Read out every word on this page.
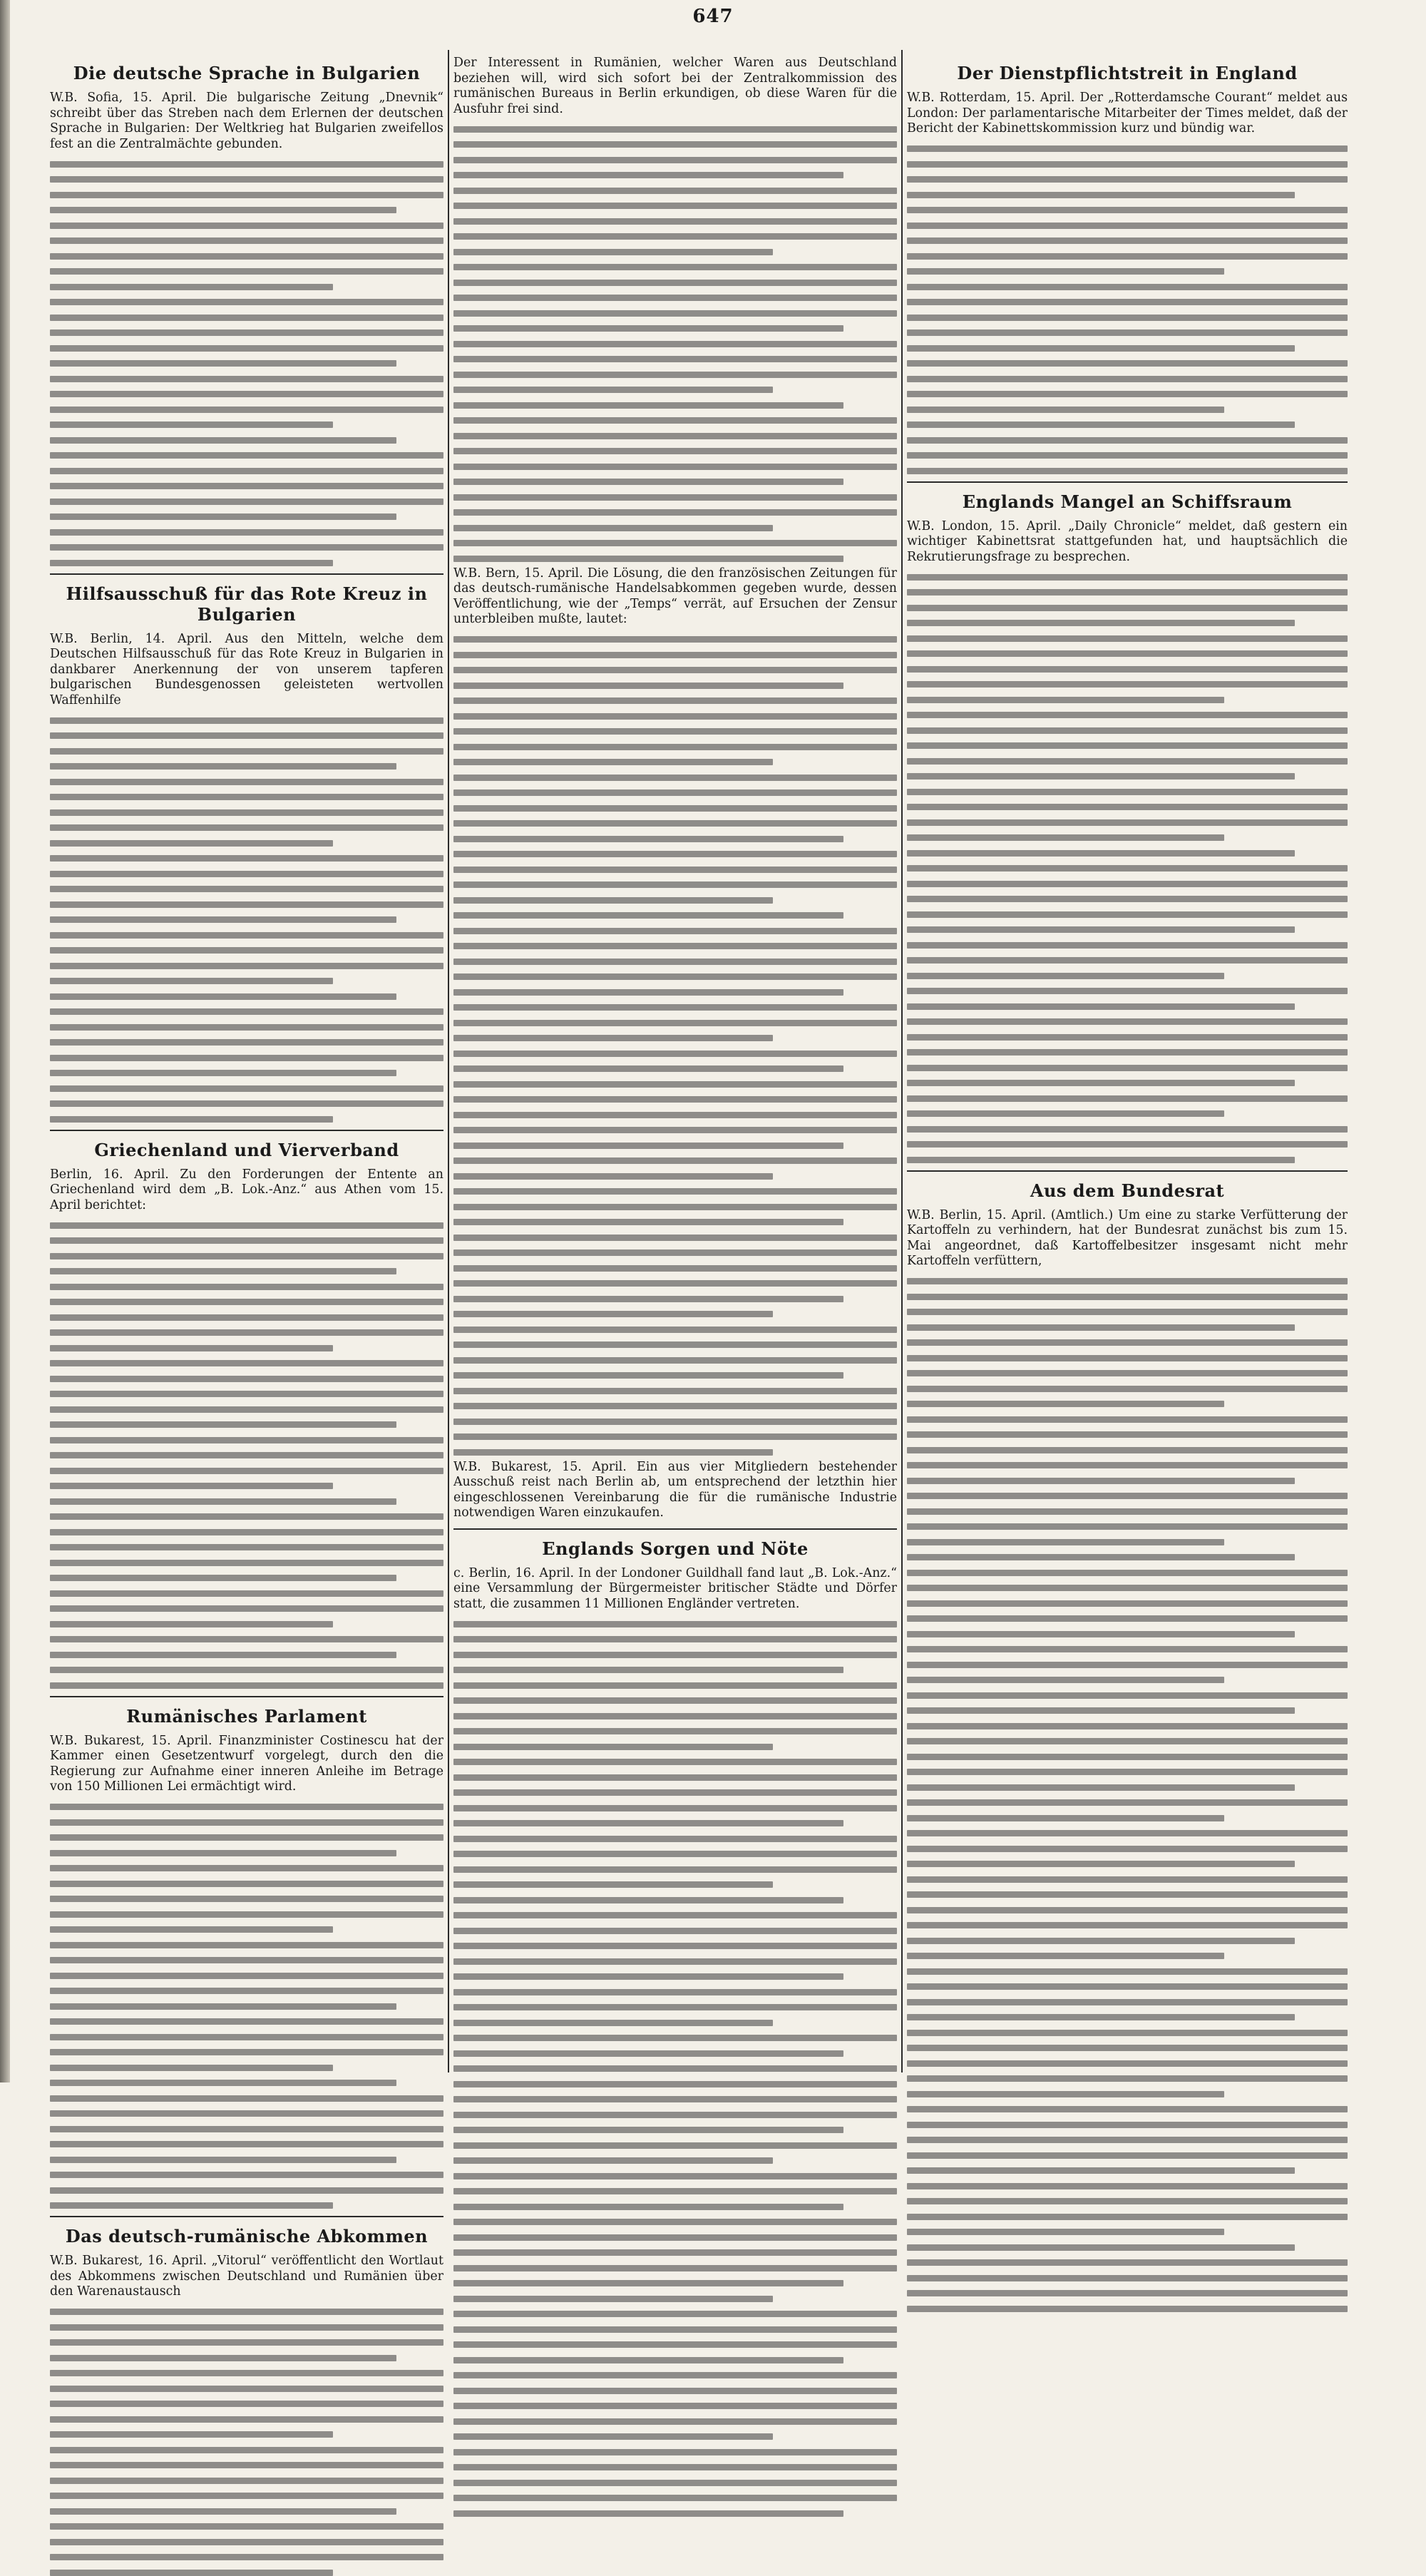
647
Die deutsche Sprache in Bulgarien

W.B. Sofia, 15. April. Die bulgarische Zeitung „Dnevnik“ schreibt über das Streben nach dem Erlernen der deutschen Sprache in Bulgarien: Der Weltkrieg hat Bulgarien zweifellos fest an die Zentralmächte gebunden.

Hilfsausschuß für das Rote Kreuz in Bulgarien

W.B. Berlin, 14. April. Aus den Mitteln, welche dem Deutschen Hilfsausschuß für das Rote Kreuz in Bulgarien in dankbarer Anerkennung der von unserem tapferen bulgarischen Bundesgenossen geleisteten wertvollen Waffenhilfe

Griechenland und Vierverband

Berlin, 16. April. Zu den Forderungen der Entente an Griechenland wird dem „B. Lok.-Anz.“ aus Athen vom 15. April berichtet:

Rumänisches Parlament

W.B. Bukarest, 15. April. Finanzminister Costinescu hat der Kammer einen Gesetzentwurf vorgelegt, durch den die Regierung zur Aufnahme einer inneren Anleihe im Betrage von 150 Millionen Lei ermächtigt wird.

Das deutsch-rumänische Abkommen

W.B. Bukarest, 16. April. „Vitorul“ veröffentlicht den Wortlaut des Abkommens zwischen Deutschland und Rumänien über den Warenaustausch

Der Interessent in Rumänien, welcher Waren aus Deutschland beziehen will, wird sich sofort bei der Zentralkommission des rumänischen Bureaus in Berlin erkundigen, ob diese Waren für die Ausfuhr frei sind.

W.B. Bern, 15. April. Die Lösung, die den französischen Zeitungen für das deutsch-rumänische Handelsabkommen gegeben wurde, dessen Veröffentlichung, wie der „Temps“ verrät, auf Ersuchen der Zensur unterbleiben mußte, lautet:

W.B. Bukarest, 15. April. Ein aus vier Mitgliedern bestehender Ausschuß reist nach Berlin ab, um entsprechend der letzthin hier eingeschlossenen Vereinbarung die für die rumänische Industrie notwendigen Waren einzukaufen.

Englands Sorgen und Nöte

c. Berlin, 16. April. In der Londoner Guildhall fand laut „B. Lok.-Anz.“ eine Versammlung der Bürgermeister britischer Städte und Dörfer statt, die zusammen 11 Millionen Engländer vertreten.

Der Dienstpflichtstreit in England

W.B. Rotterdam, 15. April. Der „Rotterdamsche Courant“ meldet aus London: Der parlamentarische Mitarbeiter der Times meldet, daß der Bericht der Kabinettskommission kurz und bündig war.

Englands Mangel an Schiffsraum

W.B. London, 15. April. „Daily Chronicle“ meldet, daß gestern ein wichtiger Kabinettsrat stattgefunden hat, und hauptsächlich die Rekrutierungsfrage zu besprechen.

Aus dem Bundesrat

W.B. Berlin, 15. April. (Amtlich.) Um eine zu starke Verfütterung der Kartoffeln zu verhindern, hat der Bundesrat zunächst bis zum 15. Mai angeordnet, daß Kartoffelbesitzer insgesamt nicht mehr Kartoffeln verfüttern,
